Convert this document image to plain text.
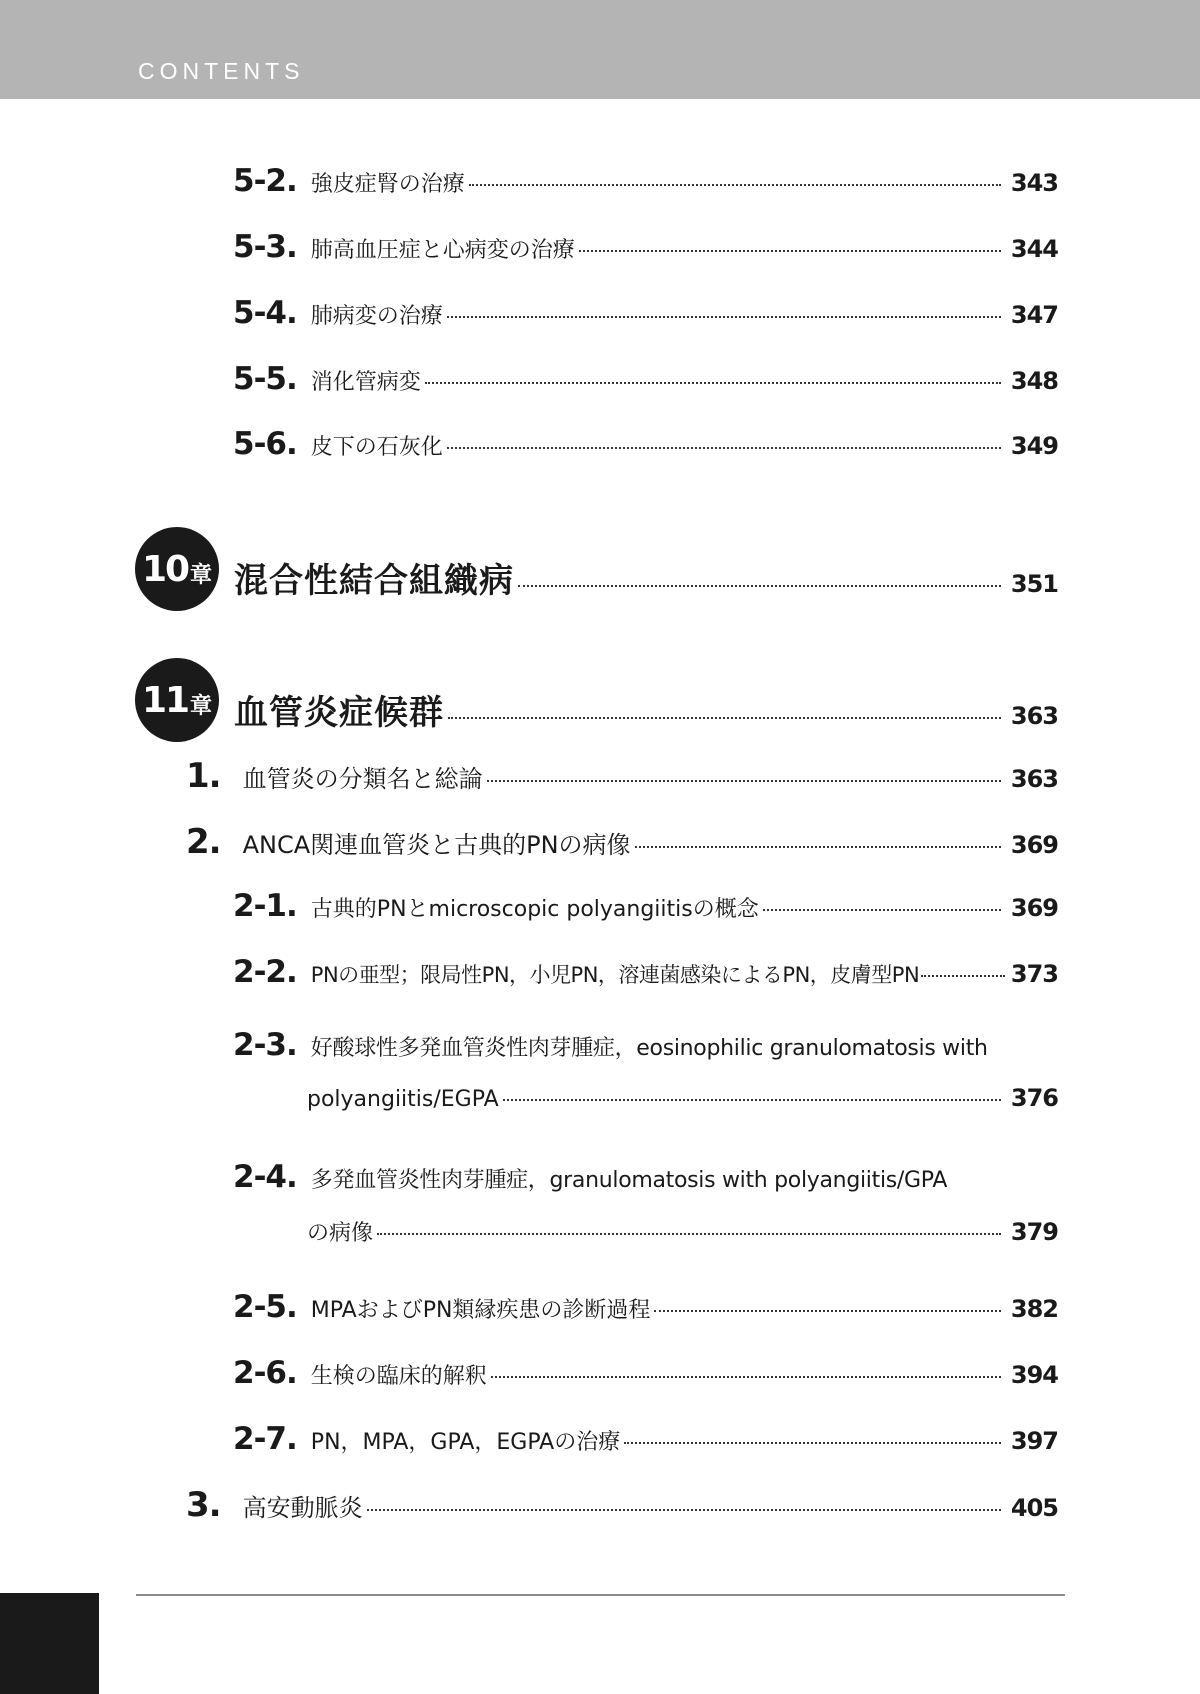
CONTENTS
5-2. 強皮症腎の治療	343
5-3. 肺高血圧症と心病変の治療	344
5-4. 肺病変の治療	347
5-5. 消化管病変	348
5-6. 皮下の石灰化	349
10 章 混合性結合組織病	351
11 章 血管炎症候群	363
1. 血管炎の分類名と総論	363
2. ANCA関連血管炎と古典的PNの病像	369
2-1. 古典的PNとmicroscopic polyangiitisの概念	369
2-2. PNの亜型；限局性PN，小児PN，溶連菌感染によるPN，皮膚型PN	373
2-3. 好酸球性多発血管炎性肉芽腫症，eosinophilic granulomatosis with
polyangiitis/EGPA	376
2-4. 多発血管炎性肉芽腫症，granulomatosis with polyangiitis/GPA
の病像	379
2-5. MPAおよびPN類縁疾患の診断過程	382
2-6. 生検の臨床的解釈	394
2-7. PN，MPA，GPA，EGPAの治療	397
3. 高安動脈炎	405
